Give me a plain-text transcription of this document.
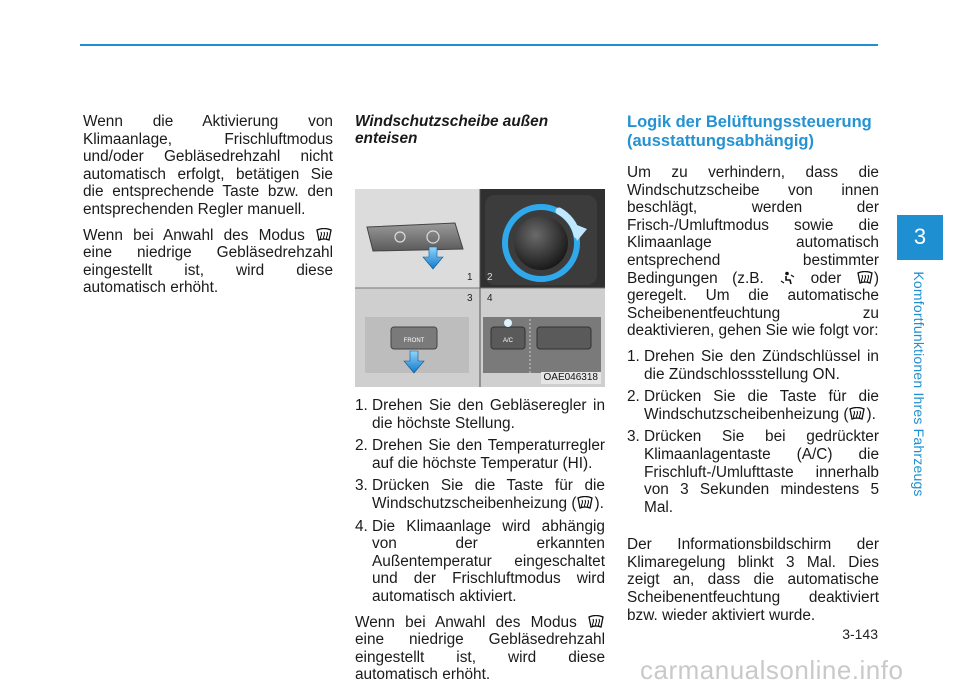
Wenn die Aktivierung von Klimaanlage, Frischluftmodus und/oder Gebläsedrehzahl nicht automatisch erfolgt, betätigen Sie die entsprechende Taste bzw. den entsprechenden Regler manuell.

Wenn bei Anwahl des Modus  eine niedrige Gebläsedrehzahl eingestellt ist, wird diese automatisch erhöht.

Windschutzscheibe außen enteisen
1 2
3 4
FRONT	A/C
OAE046318
1. Drehen Sie den Gebläseregler in die höchste Stellung.
2. Drehen Sie den Temperaturregler auf die höchste Temperatur (HI).
3. Drücken Sie die Taste für die Windschutzscheibenheizung ( ).
4. Die Klimaanlage wird abhängig von der erkannten Außentemperatur eingeschaltet und der Frischluftmodus wird automatisch aktiviert.

Wenn bei Anwahl des Modus  eine niedrige Gebläsedrehzahl eingestellt ist, wird diese automatisch erhöht.

Logik der Belüftungssteuerung (ausstattungsabhängig)

Um zu verhindern, dass die Windschutzscheibe von innen beschlägt, werden der Frisch-/Umluftmodus sowie die Klimaanlage automatisch entsprechend bestimmter Bedingungen (z.B.	oder ) geregelt. Um die automatische Scheibenentfeuchtung zu deaktivieren, gehen Sie wie folgt vor:

1. Drehen Sie den Zündschlüssel in die Zündschlossstellung ON.
2. Drücken Sie die Taste für die Windschutzscheibenheizung ( ).
3. Drücken Sie bei gedrückter Klimaanlagentaste (A/C) die Frischluft-/Umlufttaste innerhalb von 3 Sekunden mindestens 5 Mal.

Der Informationsbildschirm der Klimaregelung blinkt 3 Mal. Dies zeigt an, dass die automatische Scheibenentfeuchtung deaktiviert bzw. wieder aktiviert wurde.

3
Komfortfunktionen Ihres Fahrzeugs
3-143
carmanualsonline.info
